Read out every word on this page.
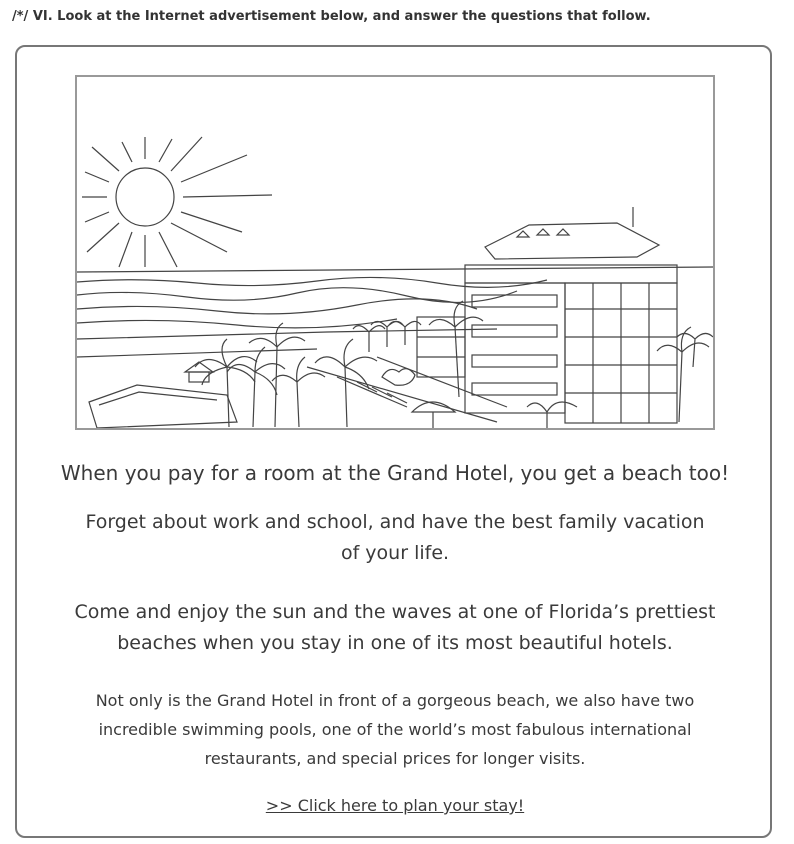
/*/ VI. Look at the Internet advertisement below, and answer the questions that follow.
When you pay for a room at the Grand Hotel, you get a beach too!
Forget about work and school, and have the best family vacation
of your life.
Come and enjoy the sun and the waves at one of Florida’s prettiest
beaches when you stay in one of its most beautiful hotels.
Not only is the Grand Hotel in front of a gorgeous beach, we also have two
incredible swimming pools, one of the world’s most fabulous international
restaurants, and special prices for longer visits.
>> Click here to plan your stay!
